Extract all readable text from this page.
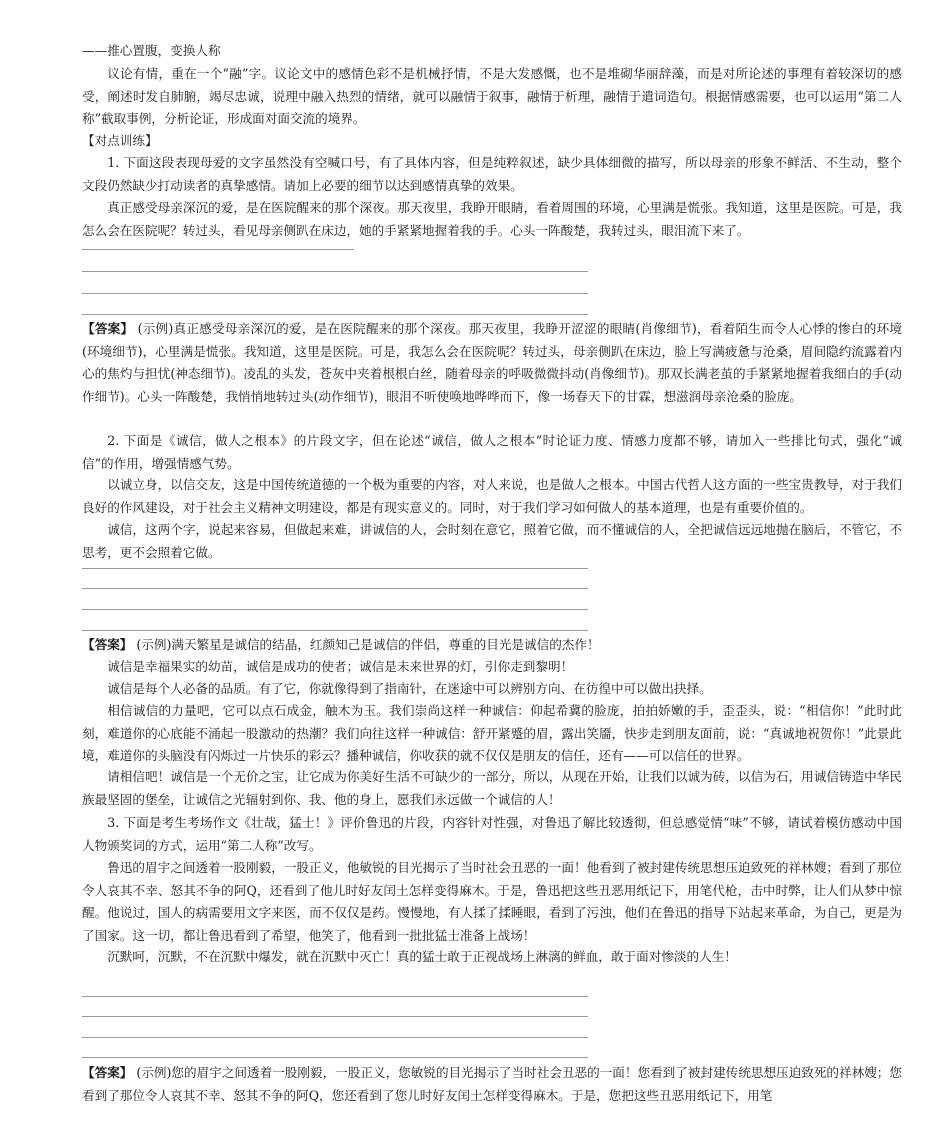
——推心置腹，变换人称

议论有情，重在一个“融”字。议论文中的感情色彩不是机械抒情，不是大发感慨，也不是堆砌华丽辞藻，而是对所论述的事理有着较深切的感受，阐述时发自肺腑，竭尽忠诚，说理中融入热烈的情绪，就可以融情于叙事，融情于析理，融情于遣词造句。根据情感需要，也可以运用“第二人称”截取事例，分析论证，形成面对面交流的境界。

【对点训练】

1. 下面这段表现母爱的文字虽然没有空喊口号，有了具体内容，但是纯粹叙述，缺少具体细微的描写，所以母亲的形象不鲜活、不生动，整个文段仍然缺少打动读者的真挚感情。请加上必要的细节以达到感情真挚的效果。

真正感受母亲深沉的爱，是在医院醒来的那个深夜。那天夜里，我睁开眼睛，看着周围的环境，心里满是慌张。我知道，这里是医院。可是，我怎么会在医院呢？转过头，看见母亲侧趴在床边，她的手紧紧地握着我的手。心头一阵酸楚，我转过头，眼泪流下来了。

【答案】 (示例)真正感受母亲深沉的爱，是在医院醒来的那个深夜。那天夜里，我睁开涩涩的眼睛(肖像细节)，看着陌生而令人心悸的惨白的环境(环境细节)，心里满是慌张。我知道，这里是医院。可是，我怎么会在医院呢？转过头，母亲侧趴在床边，脸上写满疲惫与沧桑，眉间隐约流露着内心的焦灼与担忧(神态细节)。凌乱的头发，苍灰中夹着根根白丝，随着母亲的呼吸微微抖动(肖像细节)。那双长满老茧的手紧紧地握着我细白的手(动作细节)。心头一阵酸楚，我悄悄地转过头(动作细节)，眼泪不听使唤地哗哗而下，像一场春天下的甘霖，想滋润母亲沧桑的脸庞。

2. 下面是《诚信，做人之根本》的片段文字，但在论述“诚信，做人之根本”时论证力度、情感力度都不够，请加入一些排比句式，强化“诚信”的作用，增强情感气势。

以诚立身，以信交友，这是中国传统道德的一个极为重要的内容，对人来说，也是做人之根本。中国古代哲人这方面的一些宝贵教导，对于我们良好的作风建设，对于社会主义精神文明建设，都是有现实意义的。同时，对于我们学习如何做人的基本道理，也是有重要价值的。

诚信，这两个字，说起来容易，但做起来难，讲诚信的人，会时刻在意它，照着它做，而不懂诚信的人，全把诚信远远地抛在脑后，不管它，不思考，更不会照着它做。

【答案】 (示例)满天繁星是诚信的结晶，红颜知己是诚信的伴侣，尊重的目光是诚信的杰作！

诚信是幸福果实的幼苗，诚信是成功的使者；诚信是未来世界的灯，引你走到黎明！

诚信是每个人必备的品质。有了它，你就像得到了指南针，在迷途中可以辨别方向、在彷徨中可以做出抉择。

相信诚信的力量吧，它可以点石成金，触木为玉。我们崇尚这样一种诚信：仰起希冀的脸庞，拍拍娇嫩的手，歪歪头，说：“相信你！”此时此刻，难道你的心底能不涌起一股激动的热潮？我们向往这样一种诚信：舒开紧蹙的眉，露出笑靥，快步走到朋友面前，说：“真诚地祝贺你！”此景此境，难道你的头脑没有闪烁过一片快乐的彩云？播种诚信，你收获的就不仅仅是朋友的信任，还有——可以信任的世界。

请相信吧！诚信是一个无价之宝，让它成为你美好生活不可缺少的一部分，所以，从现在开始，让我们以诚为砖，以信为石，用诚信铸造中华民族最坚固的堡垒，让诚信之光辐射到你、我、他的身上，愿我们永远做一个诚信的人！

3. 下面是考生考场作文《壮哉，猛士！》评价鲁迅的片段，内容针对性强，对鲁迅了解比较透彻，但总感觉情“味”不够，请试着模仿感动中国人物颁奖词的方式，运用“第二人称”改写。

鲁迅的眉宇之间透着一股刚毅，一股正义，他敏锐的目光揭示了当时社会丑恶的一面！他看到了被封建传统思想压迫致死的祥林嫂；看到了那位令人哀其不幸、怒其不争的阿Q，还看到了他儿时好友闰土怎样变得麻木。于是，鲁迅把这些丑恶用纸记下，用笔代枪，击中时弊，让人们从梦中惊醒。他说过，国人的病需要用文字来医，而不仅仅是药。慢慢地，有人揉了揉睡眼，看到了污浊，他们在鲁迅的指导下站起来革命，为自己，更是为了国家。这一切，都让鲁迅看到了希望，他笑了，他看到一批批猛士准备上战场！

沉默呵，沉默，不在沉默中爆发，就在沉默中灭亡！真的猛士敢于正视战场上淋漓的鲜血，敢于面对惨淡的人生！

【答案】 (示例)您的眉宇之间透着一股刚毅，一股正义，您敏锐的目光揭示了当时社会丑恶的一面！您看到了被封建传统思想压迫致死的祥林嫂；您看到了那位令人哀其不幸、怒其不争的阿Q，您还看到了您儿时好友闰土怎样变得麻木。于是，您把这些丑恶用纸记下，用笔
